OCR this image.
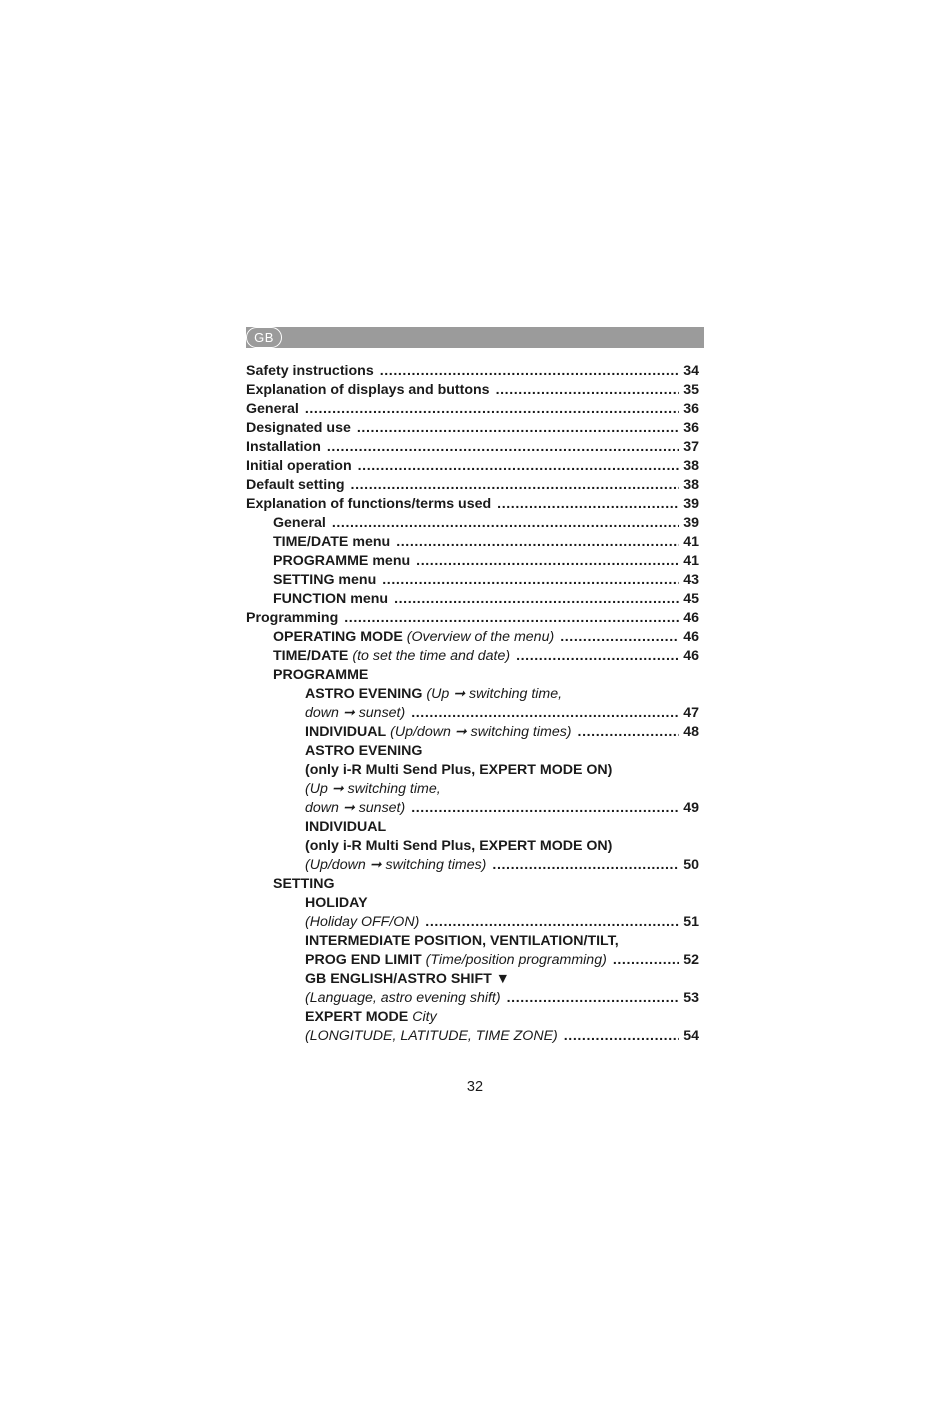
GB
Safety instructions .....	34
Explanation of displays and buttons .....	35
General .....	36
Designated use .....	36
Installation .....	37
Initial operation .....	38
Default setting .....	38
Explanation of functions/terms used .....	39
General .....	39
TIME/DATE menu .....	41
PROGRAMME menu .....	41
SETTING menu .....	43
FUNCTION menu .....	45
Programming .....	46
OPERATING MODE (Overview of the menu) .....	46
TIME/DATE (to set the time and date) .....	46
PROGRAMME
ASTRO EVENING (Up ➞ switching time,
down ➞ sunset) .....	47
INDIVIDUAL (Up/down ➞ switching times) .....	48
ASTRO EVENING
(only i-R Multi Send Plus, EXPERT MODE ON)
(Up ➞ switching time,
down ➞ sunset) .....	49
INDIVIDUAL
(only i-R Multi Send Plus, EXPERT MODE ON)
(Up/down ➞ switching times) .....	50
SETTING
HOLIDAY
(Holiday OFF/ON) .....	51
INTERMEDIATE POSITION, VENTILATION/TILT,
PROG END LIMIT (Time/position programming) .....	52
GB ENGLISH/ASTRO SHIFT ▼
(Language, astro evening shift) .....	53
EXPERT MODE City
(LONGITUDE, LATITUDE, TIME ZONE) .....	54
32
